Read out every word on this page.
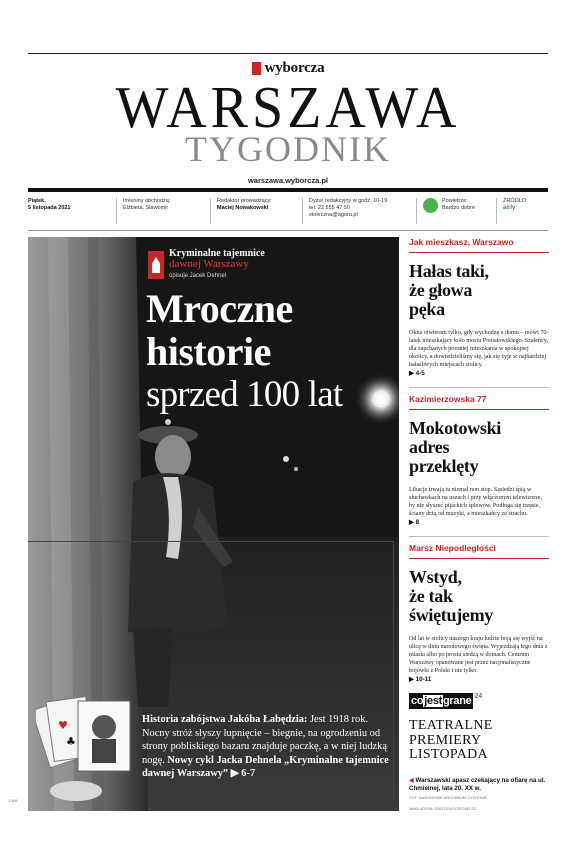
wyborcza
WARSZAWA
TYGODNIK
warszawa.wyborcza.pl
Piątek,
5 listopada 2021
Imieniny obchodzą:
Elżbieta, Sławomir
Redaktor prowadzący:
Maciej Nowakowski
Dyżur redakcyjny w godz. 10-19
tel. 22 555 47 50
stoleczna@agora.pl
Powietrze:
Bardzo dobre
ŹRÓDŁO:
airly
Kryminalne tajemnice
dawnej Warszawy
opisuje Jacek Dehnel
Mroczne
historie
sprzed 100 lat
♥
♣
Historia zabójstwa Jakóba Łabędzia: Jest 1918 rok. Nocny stróż słyszy łupnięcie – biegnie, na ogrodzeniu od strony pobliskiego bazaru znajduje paczkę, a w niej ludzką nogę. Nowy cykl Jacka Dehnela „Kryminalne tajemnice dawnej Warszawy” ▶ 6-7
Jak mieszkasz, Warszawo
Hałas taki,
że głowa
pęka
Okna otwieram tylko, gdy wychodzę z domu – mówi 70-latek mieszkający koło mostu Poniatowskiego. Szaleńcy, dla zapchanych poroniej mieszkania w spokojnej okolicy, a dowiedzieliśmy się, jak się żyje w najbardziej hałaśliwych miejscach stolicy.
▶ 4-5
Kazimierzowska 77
Mokotowski
adres
przeklęty
Libacje trwają tu niemal non stop. Sąsiedzi śpią w słuchawkach na uszach i przy włączonym telewizorze, by nie słyszeć pijackich śpiewów. Podłoga się trzęsie, ściany drżą od muzyki, a mieszkańcy ze strachu.
▶ 8
Marsz Niepodległości
Wstyd,
że tak
świętujemy
Od lat w stolicy naszego kraju ludzie boją się wyjść na ulicę w dniu narodowego święta. Wyjeżdżają tego dnia z miasta albo po prostu siedzą w domach. Centrum Warszawy opanowane jest przez nacjonalistyczne bojówki z Polski i nie tylko.
▶ 10-11
cojestgrane 24
TEATRALNE
PREMIERY
LISTOPADA
◀ Warszawski apasz czekający na ofiarę na ul. Chmielnej, lata 20. XX w.
FOT. NARODOWE ARCHIWUM CYFROWE
NAKŁAD/SIA: RADZISKO/ZEGAR SZ
1 WA
